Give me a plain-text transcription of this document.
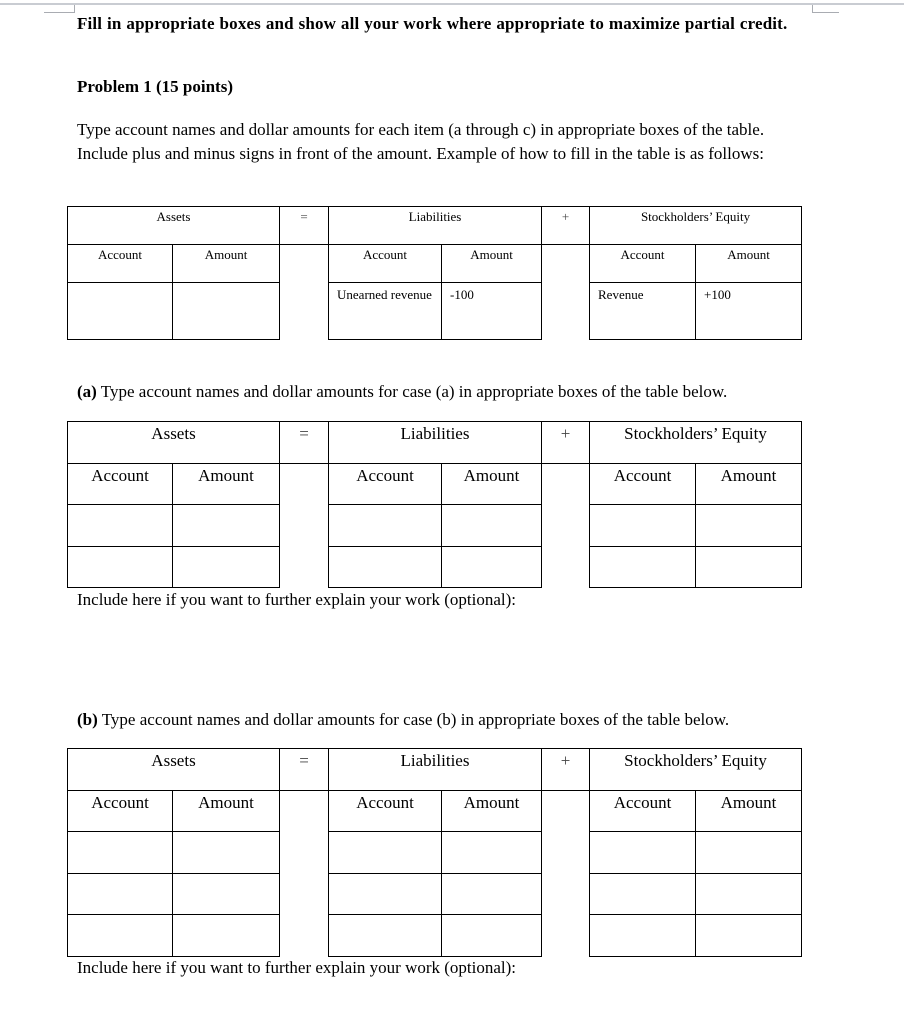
Fill in appropriate boxes and show all your work where appropriate to maximize partial credit.
Problem 1 (15 points)
Type account names and dollar amounts for each item (a through c) in appropriate boxes of the table. Include plus and minus signs in front of the amount. Example of how to fill in the table is as follows:
Assets		=	Liabilities		+	Stockholders’ Equity	
Account	Amount		Account	Amount		Account	Amount
			Unearned revenue	-100		Revenue	+100
(a) Type account names and dollar amounts for case (a) in appropriate boxes of the table below.
Assets		=	Liabilities		+	Stockholders’ Equity	
Account	Amount		Account	Amount		Account	Amount

Include here if you want to further explain your work (optional):
(b) Type account names and dollar amounts for case (b) in appropriate boxes of the table below.
Assets		=	Liabilities		+	Stockholders’ Equity	
Account	Amount		Account	Amount		Account	Amount

Include here if you want to further explain your work (optional):
